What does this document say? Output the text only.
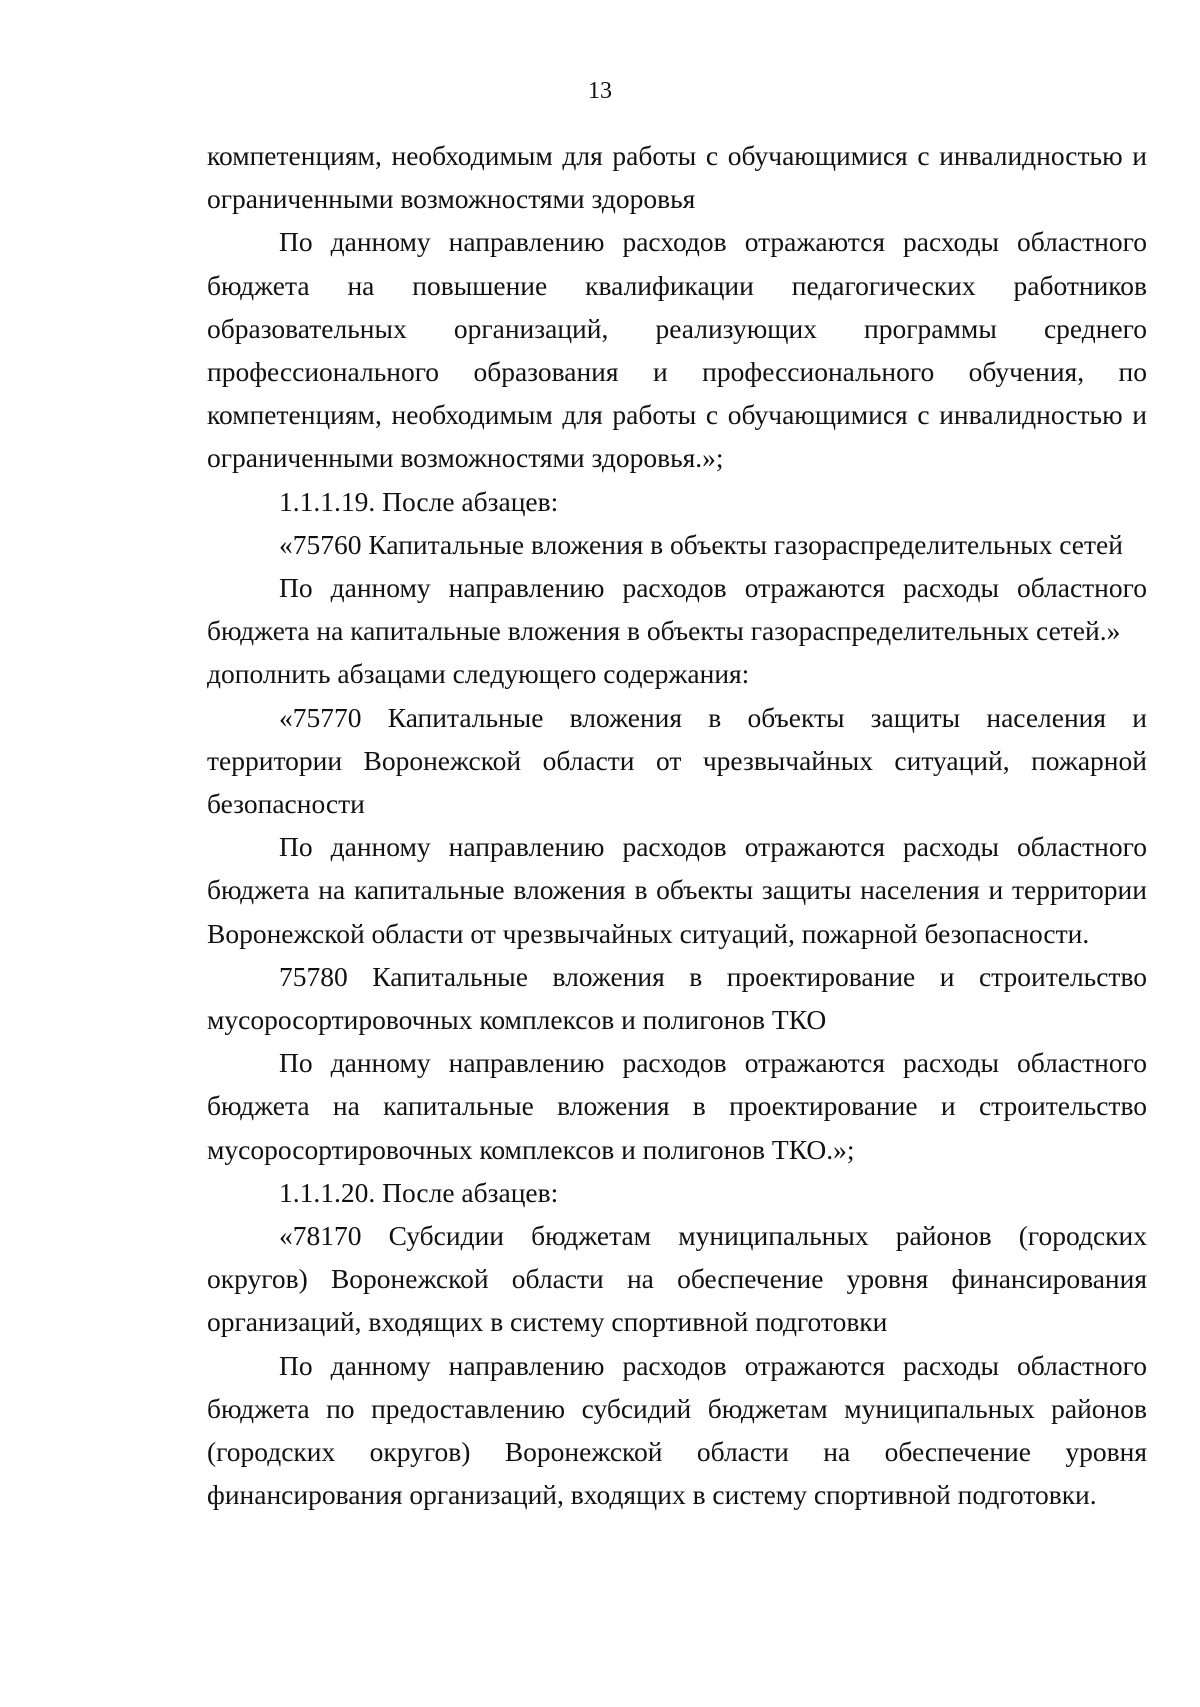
13

компетенциям, необходимым для работы с обучающимися с инвалидностью и ограниченными возможностями здоровья

По данному направлению расходов отражаются расходы областного бюджета на повышение квалификации педагогических работников образовательных организаций, реализующих программы среднего профессионального образования и профессионального обучения, по компетенциям, необходимым для работы с обучающимися с инвалидностью и ограниченными возможностями здоровья.»;

1.1.1.19. После абзацев:

«75760 Капитальные вложения в объекты газораспределительных сетей

По данному направлению расходов отражаются расходы областного бюджета на капитальные вложения в объекты газораспределительных сетей.»

дополнить абзацами следующего содержания:

«75770 Капитальные вложения в объекты защиты населения и территории Воронежской области от чрезвычайных ситуаций, пожарной безопасности

По данному направлению расходов отражаются расходы областного бюджета на капитальные вложения в объекты защиты населения и территории Воронежской области от чрезвычайных ситуаций, пожарной безопасности.

75780 Капитальные вложения в проектирование и строительство мусоросортировочных комплексов и полигонов ТКО

По данному направлению расходов отражаются расходы областного бюджета на капитальные вложения в проектирование и строительство мусоросортировочных комплексов и полигонов ТКО.»;

1.1.1.20. После абзацев:

«78170 Субсидии бюджетам муниципальных районов (городских округов) Воронежской области на обеспечение уровня финансирования организаций, входящих в систему спортивной подготовки

По данному направлению расходов отражаются расходы областного бюджета по предоставлению субсидий бюджетам муниципальных районов (городских округов) Воронежской области на обеспечение уровня финансирования организаций, входящих в систему спортивной подготовки.
